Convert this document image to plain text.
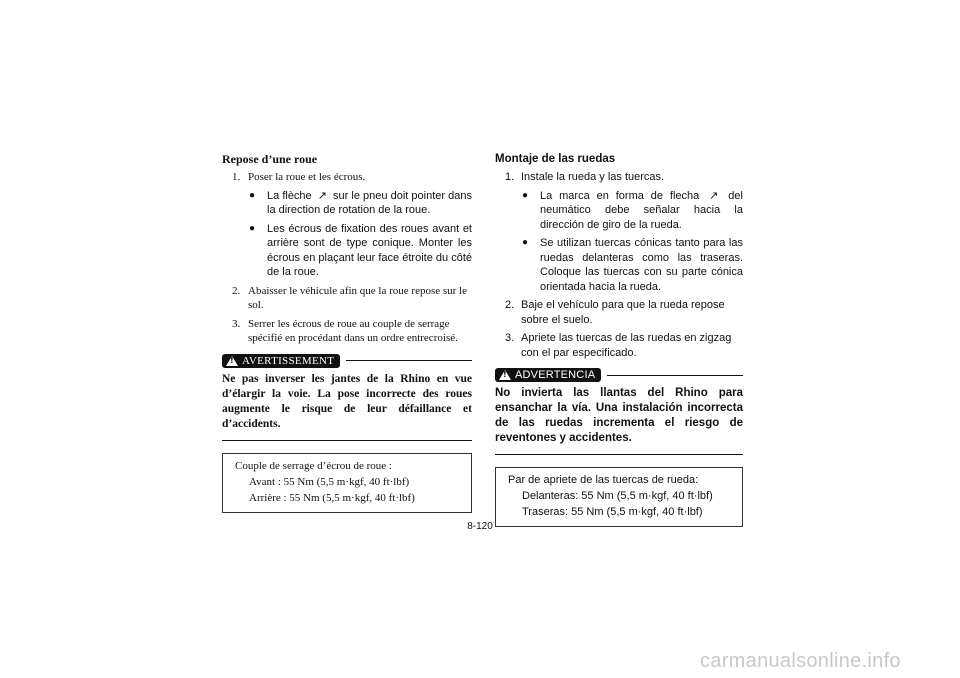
Repose d’une roue
1. Poser la roue et les écrous.
● La flèche ↗ sur le pneu doit pointer dans la direction de rotation de la roue.
● Les écrous de fixation des roues avant et arrière sont de type conique. Monter les écrous en plaçant leur face étroite du côté de la roue.
2. Abaisser le véhicule afin que la roue repose sur le sol.
3. Serrer les écrous de roue au couple de serrage spécifié en procédant dans un ordre entrecroisé.
!
AVERTISSEMENT
Ne pas inverser les jantes de la Rhino en vue d’élargir la voie. La pose incorrecte des roues augmente le risque de leur défaillance et d’accidents.
Couple de serrage d’écrou de roue :
Avant : 55 Nm (5,5 m·kgf, 40 ft·lbf)
Arrière : 55 Nm (5,5 m·kgf, 40 ft·lbf)
Montaje de las ruedas
1. Instale la rueda y las tuercas.
● La marca en forma de flecha ↗ del neumático debe señalar hacia la dirección de giro de la rueda.
● Se utilizan tuercas cónicas tanto para las ruedas delanteras como las traseras. Coloque las tuercas con su parte cónica orientada hacia la rueda.
2. Baje el vehículo para que la rueda repose sobre el suelo.
3. Apriete las tuercas de las ruedas en zigzag con el par especificado.
!
ADVERTENCIA
No invierta las llantas del Rhino para ensanchar la vía. Una instalación incorrecta de las ruedas incrementa el riesgo de reventones y accidentes.
Par de apriete de las tuercas de rueda:
Delanteras: 55 Nm (5,5 m·kgf, 40 ft·lbf)
Traseras: 55 Nm (5,5 m·kgf, 40 ft·lbf)
8-120
carmanualsonline.info
